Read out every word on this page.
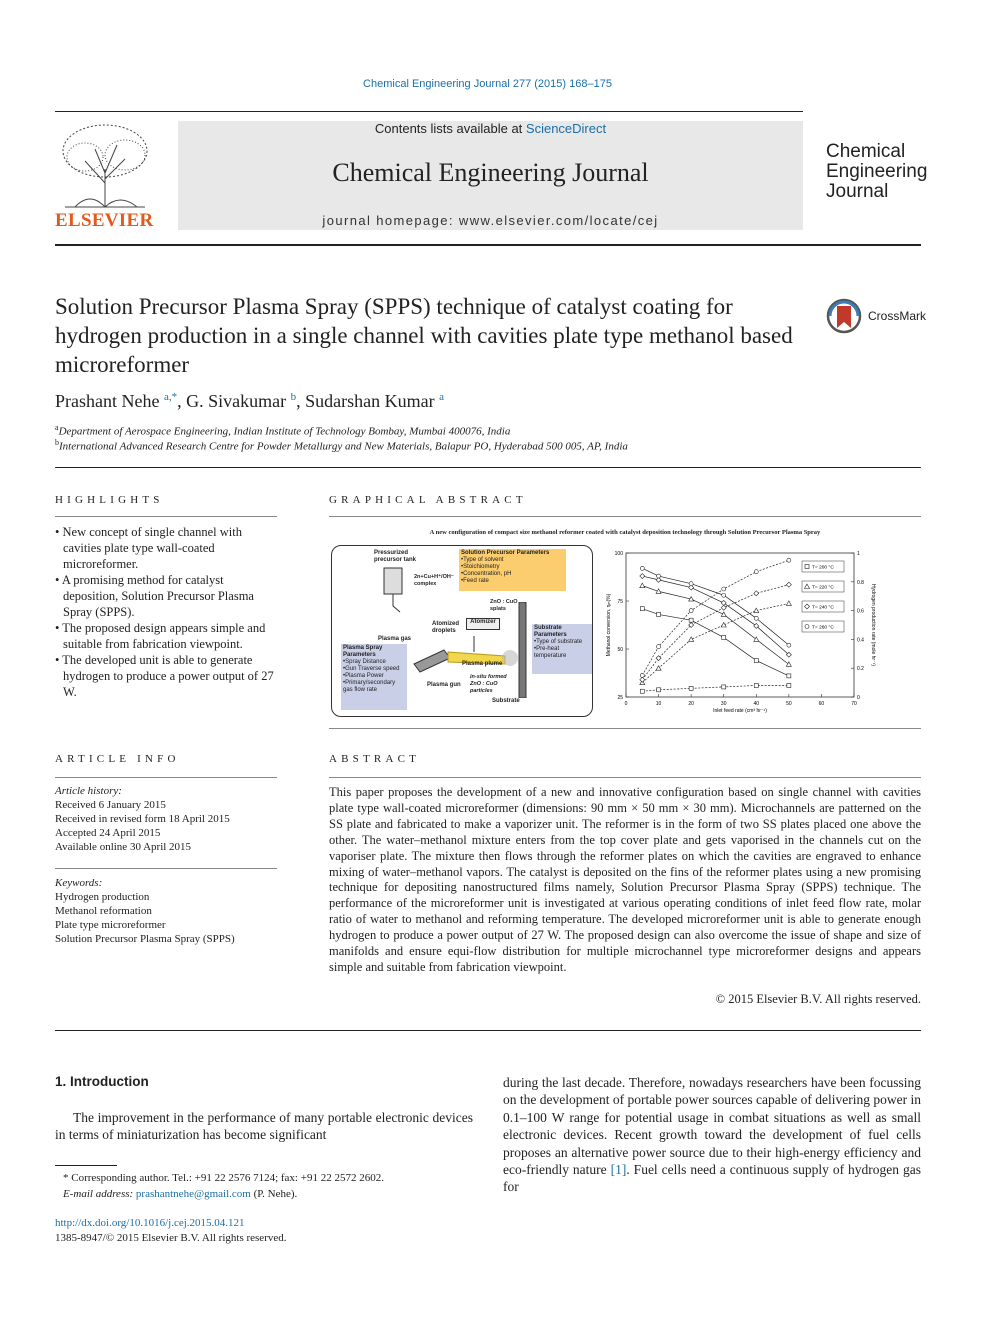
Chemical Engineering Journal 277 (2015) 168–175
ELSEVIER
Contents lists available at ScienceDirect
Chemical Engineering Journal
journal homepage: www.elsevier.com/locate/cej
Chemical
Engineering
Journal
Solution Precursor Plasma Spray (SPPS) technique of catalyst coating for hydrogen production in a single channel with cavities plate type methanol based microreformer
CrossMark
Prashant Nehe $^{a,*}$, G. Sivakumar $^b$, Sudarshan Kumar $^a$
$^a$Department of Aerospace Engineering, Indian Institute of Technology Bombay, Mumbai 400076, India
$^b$International Advanced Research Centre for Powder Metallurgy and New Materials, Balapur PO, Hyderabad 500 005, AP, India
HIGHLIGHTS
• New concept of single channel with cavities plate type wall-coated microreformer.
• A promising method for catalyst deposition, Solution Precursor Plasma Spray (SPPS).
• The proposed design appears simple and suitable from fabrication viewpoint.
• The developed unit is able to generate hydrogen to produce a power output of 27 W.
GRAPHICAL ABSTRACT
A new configuration of compact size methanol reformer coated with catalyst deposition technology through Solution Precursor Plasma Spray
Pressurized precursor tank
2n+Cu+H⁺/OH⁻ complex
Solution Precursor Parameters
•Type of solvent
•Stoichiometry
•Concentration, pH
•Feed rate
ZnO : CuO splats
Atomizer
Atomized droplets
Plasma gas
Plasma Spray Parameters
•Spray Distance
•Gun Traverse speed
•Plasma Power
•Primary/secondary gas flow rate
Plasma plume
Plasma gun
in-situ formed ZnO : CuO particles
Substrate Parameters
•Type of substrate
•Pre-heat temperature
Substrate	0	10	20	30	40	50	60	70
25
50
75
100
0
0.2
0.4
0.6
0.8
1
T= 200 °C
T= 220 °C
T= 240 °C
T= 260 °C
Inlet feed rate (cm³ hr⁻¹)
Methanol conversion, ηₘ(%)	Hydrogen production rate (mole hr⁻¹)
ARTICLE INFO
Article history:
Received 6 January 2015
Received in revised form 18 April 2015
Accepted 24 April 2015
Available online 30 April 2015
Keywords:
Hydrogen production
Methanol reformation
Plate type microreformer
Solution Precursor Plasma Spray (SPPS)
ABSTRACT
This paper proposes the development of a new and innovative configuration based on single channel with cavities plate type wall-coated microreformer (dimensions: 90 mm × 50 mm × 30 mm). Microchannels are patterned on the SS plate and fabricated to make a vaporizer unit. The reformer is in the form of two SS plates placed one above the other. The water–methanol mixture enters from the top cover plate and gets vaporised in the channels cut on the vaporiser plate. The mixture then flows through the reformer plates on which the cavities are engraved to enhance mixing of water–methanol vapors. The catalyst is deposited on the fins of the reformer plates using a new promising technique for depositing nanostructured films namely, Solution Precursor Plasma Spray (SPPS) technique. The performance of the microreformer unit is investigated at various operating conditions of inlet feed flow rate, molar ratio of water to methanol and reforming temperature. The developed microreformer unit is able to generate enough hydrogen to produce a power output of 27 W. The proposed design can also overcome the issue of shape and size of manifolds and ensure equi-flow distribution for multiple microchannel type microreformer designs and appears simple and suitable from fabrication viewpoint.
© 2015 Elsevier B.V. All rights reserved.
1. Introduction
The improvement in the performance of many portable electronic devices in terms of miniaturization has become significant
during the last decade. Therefore, nowadays researchers have been focussing on the development of portable power sources capable of delivering power in 0.1–100 W range for potential usage in combat situations as well as small electronic devices. Recent growth toward the development of fuel cells proposes an alternative power source due to their high-energy efficiency and eco-friendly nature [1]. Fuel cells need a continuous supply of hydrogen gas for
* Corresponding author. Tel.: +91 22 2576 7124; fax: +91 22 2572 2602.
E-mail address: prashantnehe@gmail.com (P. Nehe).
http://dx.doi.org/10.1016/j.cej.2015.04.121
1385-8947/© 2015 Elsevier B.V. All rights reserved.
